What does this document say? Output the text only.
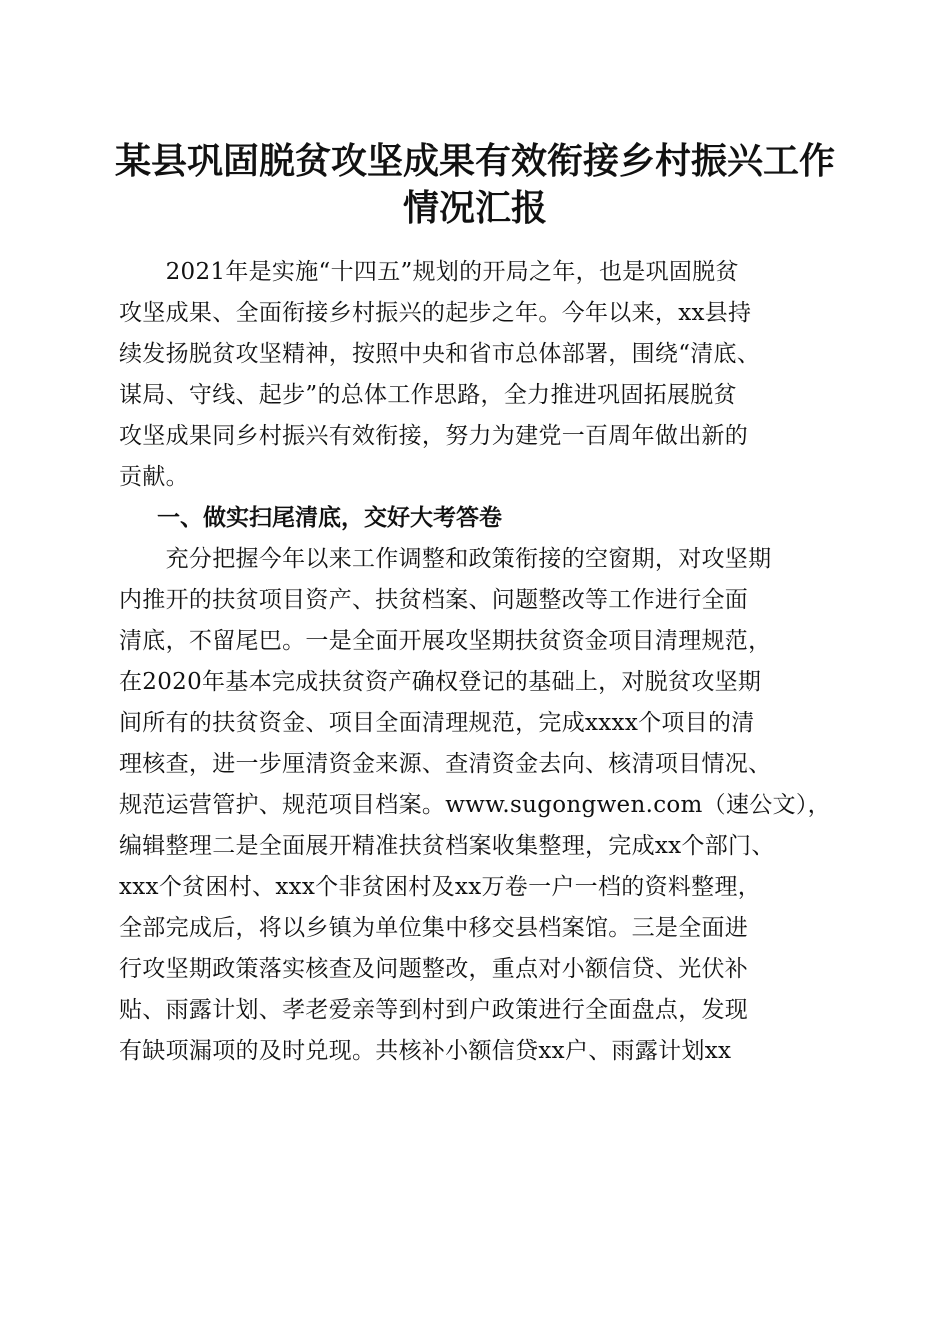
某县巩固脱贫攻坚成果有效衔接乡村振兴工作
情况汇报
　　2021年是实施“十四五”规划的开局之年，也是巩固脱贫
攻坚成果、全面衔接乡村振兴的起步之年。今年以来，xx县持
续发扬脱贫攻坚精神，按照中央和省市总体部署，围绕“清底、
谋局、守线、起步”的总体工作思路，全力推进巩固拓展脱贫
攻坚成果同乡村振兴有效衔接，努力为建党一百周年做出新的
贡献。
一、做实扫尾清底，交好大考答卷
　　充分把握今年以来工作调整和政策衔接的空窗期，对攻坚期
内推开的扶贫项目资产、扶贫档案、问题整改等工作进行全面
清底，不留尾巴。一是全面开展攻坚期扶贫资金项目清理规范，
在2020年基本完成扶贫资产确权登记的基础上，对脱贫攻坚期
间所有的扶贫资金、项目全面清理规范，完成xxxx个项目的清
理核查，进一步厘清资金来源、查清资金去向、核清项目情况、
规范运营管护、规范项目档案。www.sugongwen.com（速公文），
编辑整理二是全面展开精准扶贫档案收集整理，完成xx个部门、
xxx个贫困村、xxx个非贫困村及xx万卷一户一档的资料整理，
全部完成后，将以乡镇为单位集中移交县档案馆。三是全面进
行攻坚期政策落实核查及问题整改，重点对小额信贷、光伏补
贴、雨露计划、孝老爱亲等到村到户政策进行全面盘点，发现
有缺项漏项的及时兑现。共核补小额信贷xx户、雨露计划xx
